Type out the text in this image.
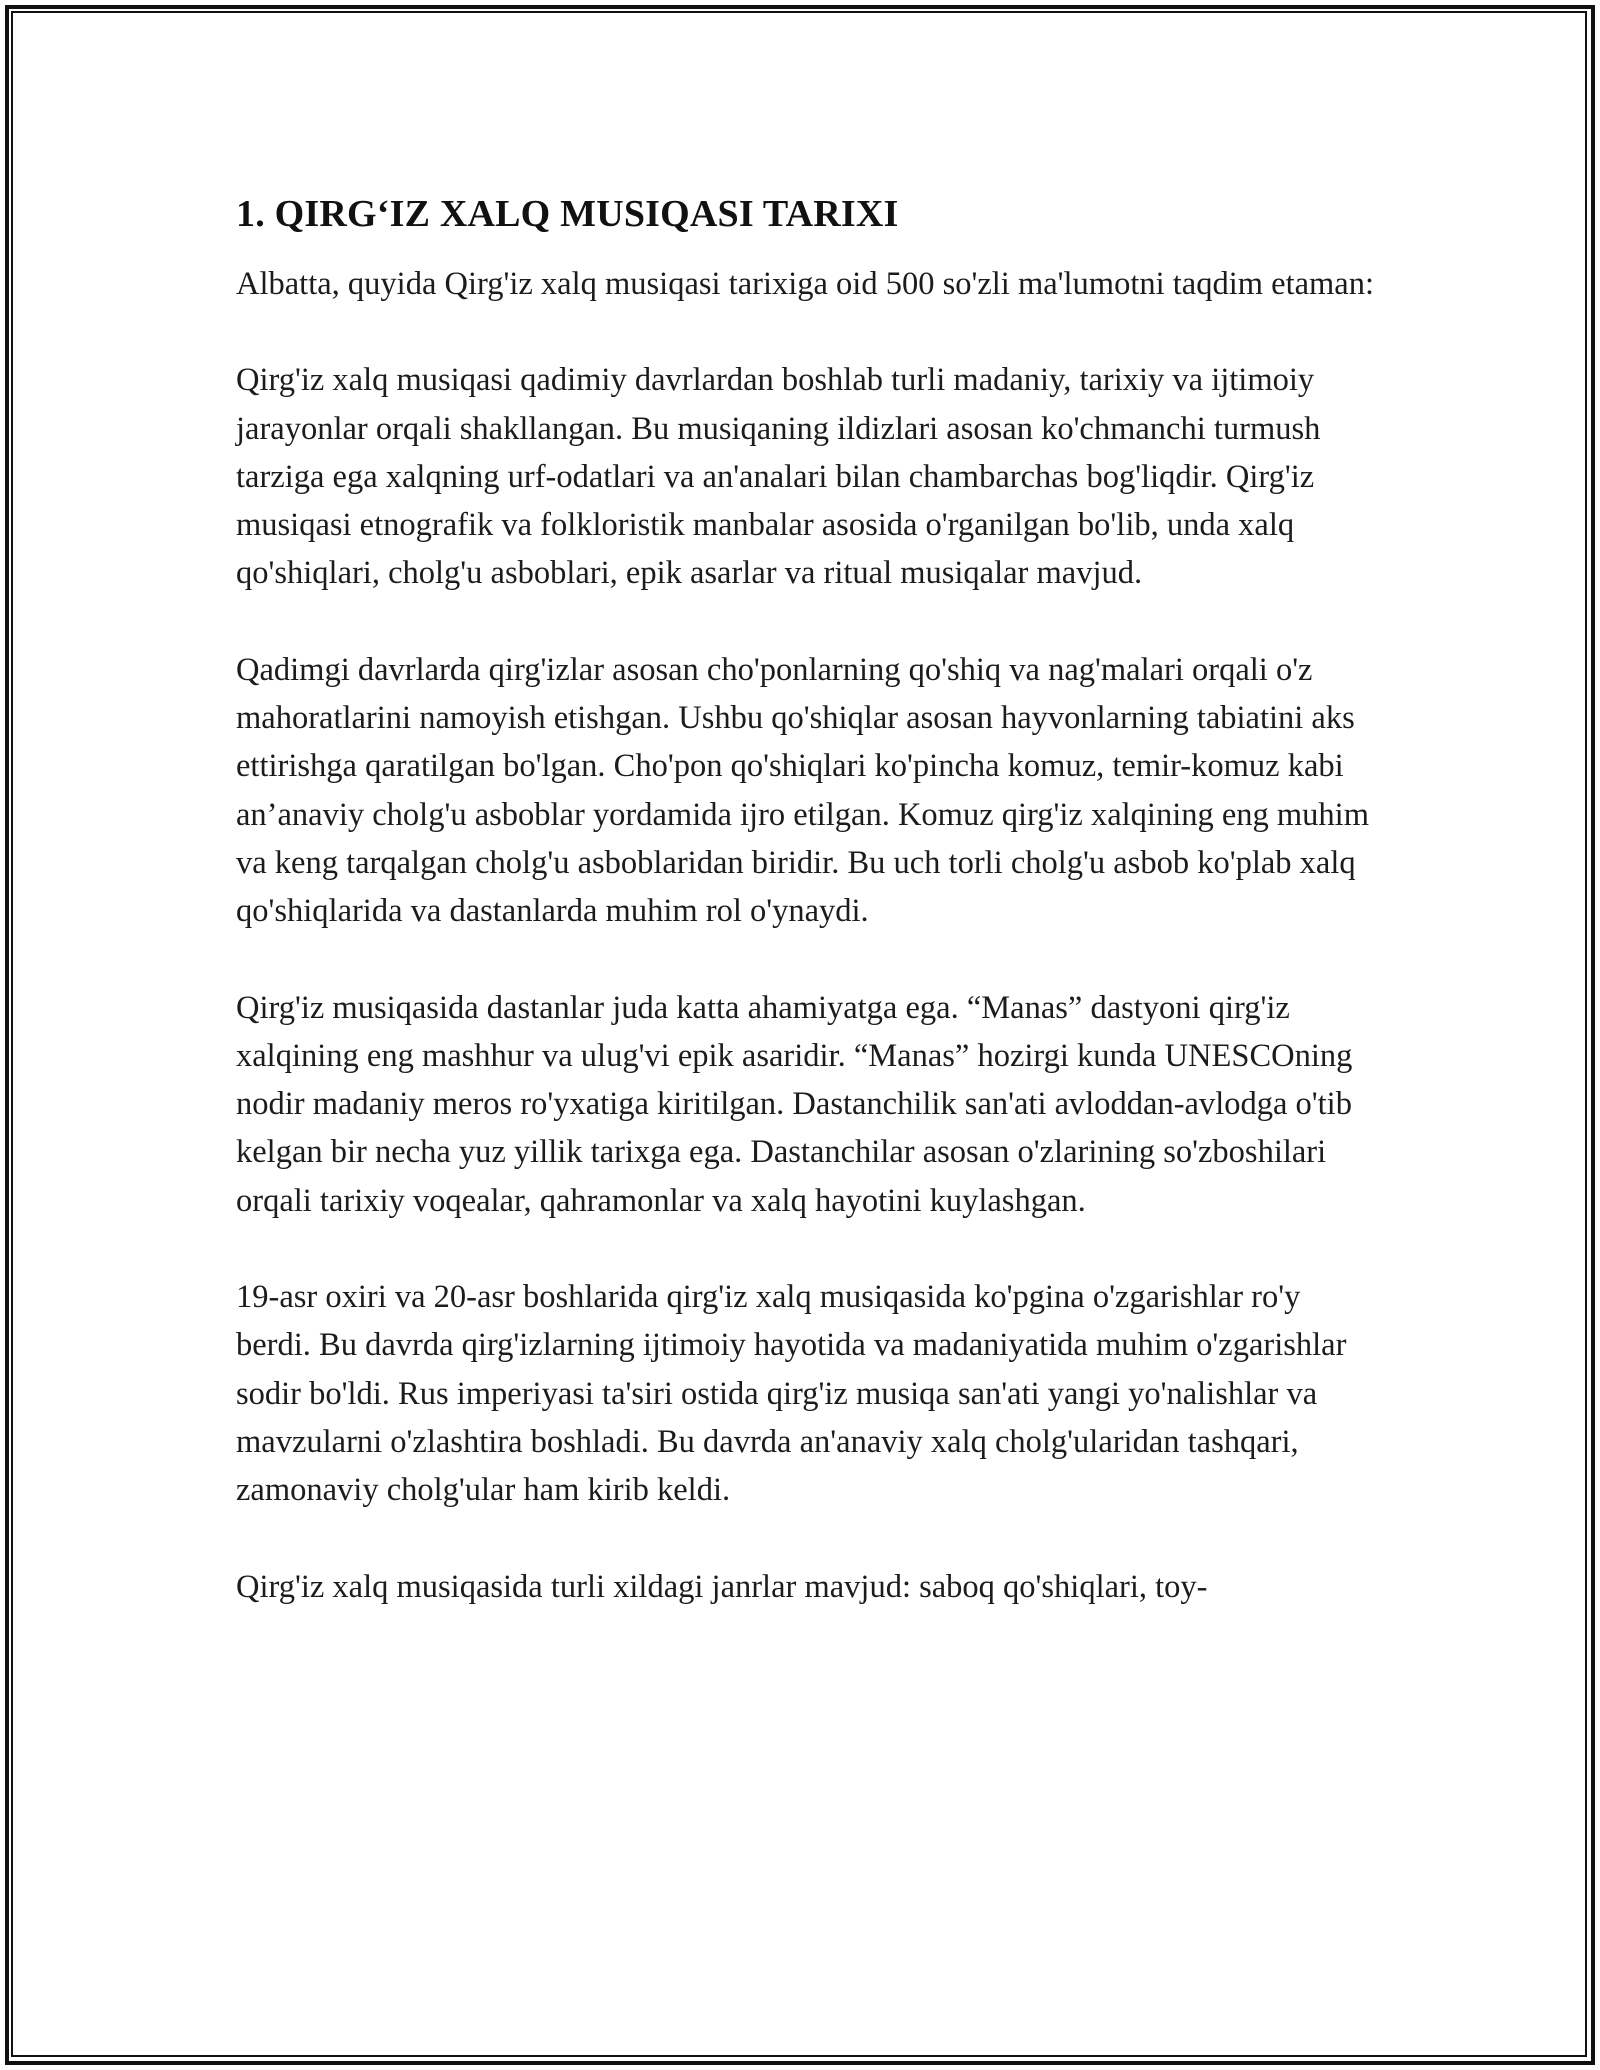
1. QIRG‘IZ XALQ MUSIQASI TARIXI

Albatta, quyida Qirg'iz xalq musiqasi tarixiga oid 500 so'zli ma'lumotni taqdim etaman:

Qirg'iz xalq musiqasi qadimiy davrlardan boshlab turli madaniy, tarixiy va ijtimoiy jarayonlar orqali shakllangan. Bu musiqaning ildizlari asosan ko'chmanchi turmush tarziga ega xalqning urf-odatlari va an'analari bilan chambarchas bog'liqdir. Qirg'iz musiqasi etnografik va folkloristik manbalar asosida o'rganilgan bo'lib, unda xalq qo'shiqlari, cholg'u asboblari, epik asarlar va ritual musiqalar mavjud.

Qadimgi davrlarda qirg'izlar asosan cho'ponlarning qo'shiq va nag'malari orqali o'z mahoratlarini namoyish etishgan. Ushbu qo'shiqlar asosan hayvonlarning tabiatini aks ettirishga qaratilgan bo'lgan. Cho'pon qo'shiqlari ko'pincha komuz, temir-komuz kabi an’anaviy cholg'u asboblar yordamida ijro etilgan. Komuz qirg'iz xalqining eng muhim va keng tarqalgan cholg'u asboblaridan biridir. Bu uch torli cholg'u asbob ko'plab xalq qo'shiqlarida va dastanlarda muhim rol o'ynaydi.

Qirg'iz musiqasida dastanlar juda katta ahamiyatga ega. “Manas” dastyoni qirg'iz xalqining eng mashhur va ulug'vi epik asaridir. “Manas” hozirgi kunda UNESCOning nodir madaniy meros ro'yxatiga kiritilgan. Dastanchilik san'ati avloddan-avlodga o'tib kelgan bir necha yuz yillik tarixga ega. Dastanchilar asosan o'zlarining so'zboshilari orqali tarixiy voqealar, qahramonlar va xalq hayotini kuylashgan.

19-asr oxiri va 20-asr boshlarida qirg'iz xalq musiqasida ko'pgina o'zgarishlar ro'y berdi. Bu davrda qirg'izlarning ijtimoiy hayotida va madaniyatida muhim o'zgarishlar sodir bo'ldi. Rus imperiyasi ta'siri ostida qirg'iz musiqa san'ati yangi yo'nalishlar va mavzularni o'zlashtira boshladi. Bu davrda an'anaviy xalq cholg'ularidan tashqari, zamonaviy cholg'ular ham kirib keldi.

Qirg'iz xalq musiqasida turli xildagi janrlar mavjud: saboq qo'shiqlari, toy-
